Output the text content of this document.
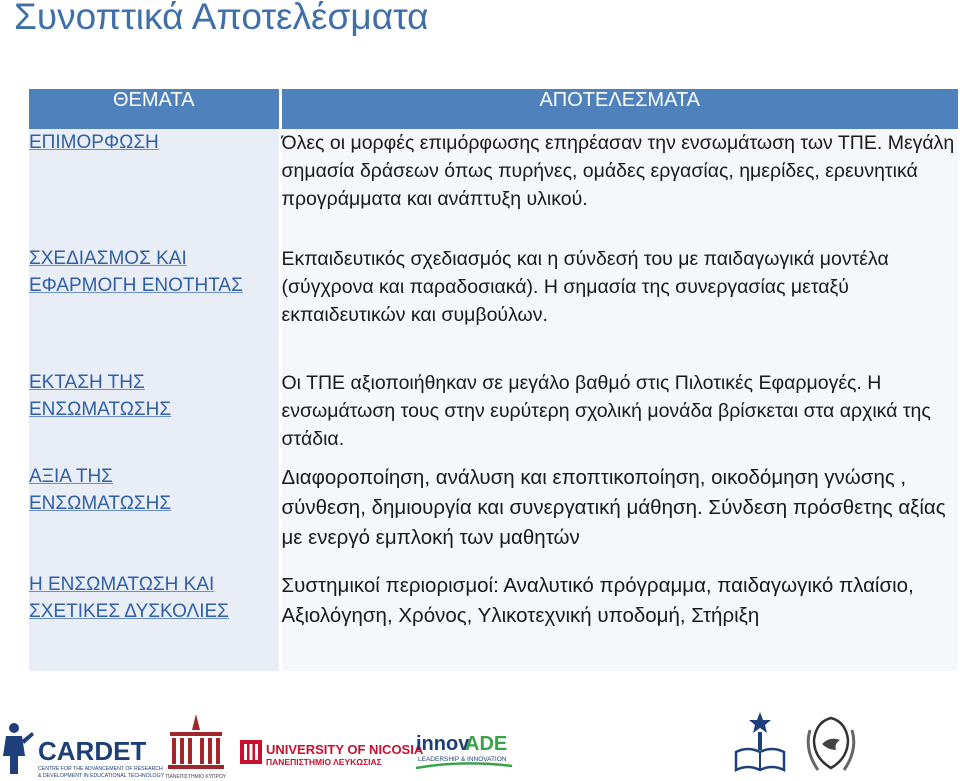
Συνοπτικά Αποτελέσματα
ΘΕΜΑΤΑ	ΑΠΟΤΕΛΕΣΜΑΤΑ
ΕΠΙΜΟΡΦΩΣΗ	Όλες οι μορφές επιμόρφωσης επηρέασαν την ενσωμάτωση των ΤΠΕ. Μεγάλη σημασία δράσεων όπως πυρήνες, ομάδες εργασίας, ημερίδες, ερευνητικά προγράμματα και ανάπτυξη υλικού.
ΣΧΕΔΙΑΣΜΟΣ ΚΑΙ
ΕΦΑΡΜΟΓΗ ΕΝΟΤΗΤΑΣ	Εκπαιδευτικός σχεδιασμός και η σύνδεσή του με παιδαγωγικά μοντέλα (σύγχρονα και παραδοσιακά). Η σημασία της συνεργασίας μεταξύ εκπαιδευτικών και συμβούλων.
ΕΚΤΑΣΗ ΤΗΣ
ΕΝΣΩΜΑΤΩΣΗΣ	Οι ΤΠΕ αξιοποιήθηκαν σε μεγάλο βαθμό στις Πιλοτικές Εφαρμογές. Η ενσωμάτωση τους στην ευρύτερη σχολική μονάδα βρίσκεται στα αρχικά της στάδια.
ΑΞΙΑ ΤΗΣ
ΕΝΣΩΜΑΤΩΣΗΣ	Διαφοροποίηση, ανάλυση και εποπτικοποίηση, οικοδόμηση γνώσης , σύνθεση, δημιουργία και συνεργατική μάθηση. Σύνδεση πρόσθετης αξίας με ενεργό εμπλοκή των μαθητών
Η ΕΝΣΩΜΑΤΩΣΗ ΚΑΙ
ΣΧΕΤΙΚΕΣ ΔΥΣΚΟΛΙΕΣ	Συστημικοί περιορισμοί: Αναλυτικό πρόγραμμα, παιδαγωγικό πλαίσιο, Αξιολόγηση, Χρόνος, Υλικοτεχνική υποδομή, Στήριξη
CARDET
CENTRE FOR THE ADVANCEMENT OF RESEARCH
& DEVELOPMENT IN EDUCATIONAL TECHNOLOGY ΠΑΝΕΠΙΣΤΗΜΙΟ ΚΥΠΡΟΥ
UNIVERSITY OF NICOSIA
ΠΑΝΕΠΙΣΤΗΜΙΟ ΛΕΥΚΩΣΙΑΣ
innov
ADE
LEADERSHIP & INNOVATION
